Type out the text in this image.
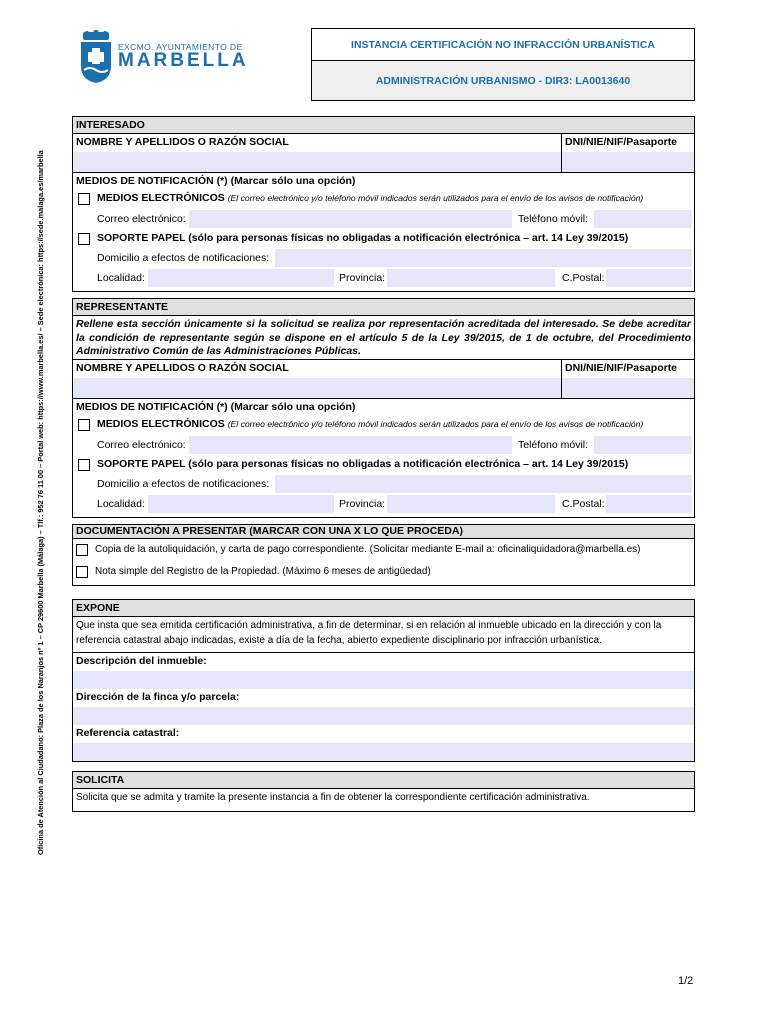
EXCMO. AYUNTAMIENTO DE
MARBELLA
INSTANCIA CERTIFICACIÓN NO INFRACCIÓN URBANÍSTICA
ADMINISTRACIÓN URBANISMO - DIR3: LA0013640
Oficina de Atención al Ciudadano: Plaza de los Naranjos nº 1 – CP 29600 Marbella (Málaga) – Tlf.: 952 76 11 00 – Portal web: https://www.marbella.es/ – Sede electrónica: https://sede.malaga.es/marbella
INTERESADO
NOMBRE Y APELLIDOS O RAZÓN SOCIAL	DNI/NIE/NIF/Pasaporte
MEDIOS DE NOTIFICACIÓN (*) (Marcar sólo una opción)
MEDIOS ELECTRÓNICOS (El correo electrónico y/o teléfono móvil indicados serán utilizados para el envío de los avisos de notificación)
Correo electrónico:	Teléfono móvil:
SOPORTE PAPEL (sólo para personas físicas no obligadas a notificación electrónica – art. 14 Ley 39/2015)
Domicilio a efectos de notificaciones:
Localidad:	Provincia:	C.Postal:
REPRESENTANTE
Rellene esta sección únicamente si la solicitud se realiza por representación acreditada del interesado. Se debe acreditar la condición de representante según se dispone en el artículo 5 de la Ley 39/2015, de 1 de octubre, del Procedimiento Administrativo Común de las Administraciones Públicas.
NOMBRE Y APELLIDOS O RAZÓN SOCIAL	DNI/NIE/NIF/Pasaporte
MEDIOS DE NOTIFICACIÓN (*) (Marcar sólo una opción)
MEDIOS ELECTRÓNICOS (El correo electrónico y/o teléfono móvil indicados serán utilizados para el envío de los avisos de notificación)
Correo electrónico:	Teléfono móvil:
SOPORTE PAPEL (sólo para personas físicas no obligadas a notificación electrónica – art. 14 Ley 39/2015)
Domicilio a efectos de notificaciones:
Localidad:	Provincia:	C.Postal:
DOCUMENTACIÓN A PRESENTAR (MARCAR CON UNA X LO QUE PROCEDA)
Copia de la autoliquidación, y carta de pago correspondiente. (Solicitar mediante E-mail a: oficinaliquidadora@marbella.es)
Nota simple del Registro de la Propiedad. (Máximo 6 meses de antigüedad)
EXPONE
Que insta que sea emitida certificación administrativa, a fin de determinar, si en relación al inmueble ubicado en la dirección y con la referencia catastral abajo indicadas, existe a día de la fecha, abierto expediente disciplinario por infracción urbanística.
Descripción del inmueble:
Dirección de la finca y/o parcela:
Referencia catastral:
SOLICITA
Solicita que se admita y tramite la presente instancia a fin de obtener la correspondiente certificación administrativa.
1/2
